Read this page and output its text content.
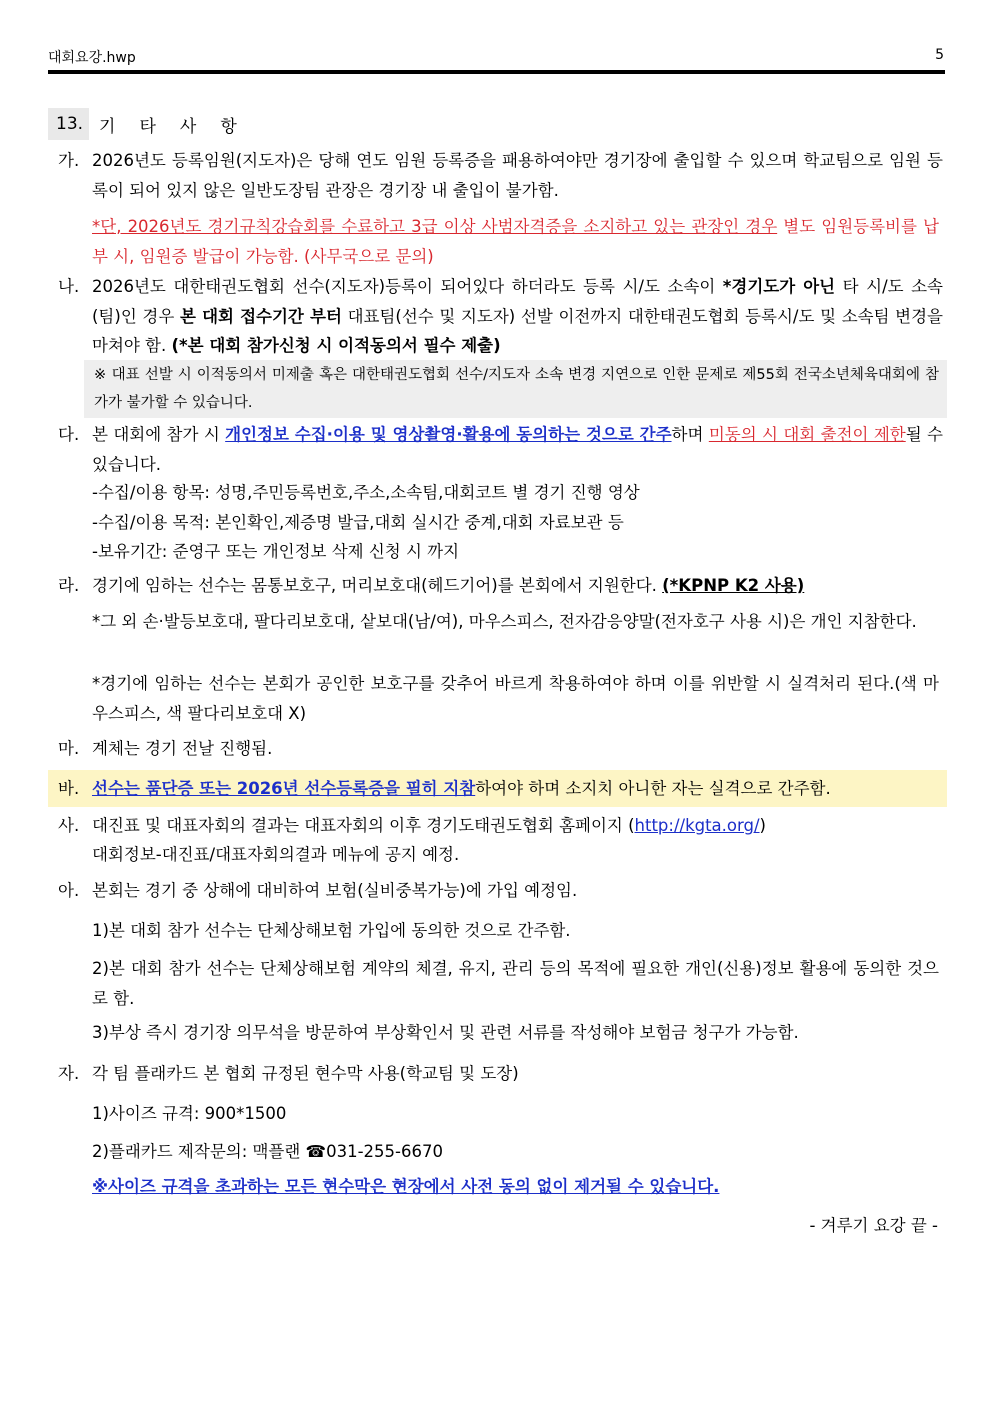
대회요강.hwp	5
13. 기타사항
가. 2026년도 등록임원(지도자)은 당해 연도 임원 등록증을 패용하여야만 경기장에 출입할 수 있으며 학교팀으로 임원 등록이 되어 있지 않은 일반도장팀 관장은 경기장 내 출입이 불가함.
*단, 2026년도 경기규칙강습회를 수료하고 3급 이상 사범자격증을 소지하고 있는 관장인 경우 별도 임원등록비를 납부 시, 임원증 발급이 가능함. (사무국으로 문의)
나. 2026년도 대한태권도협회 선수(지도자)등록이 되어있다 하더라도 등록 시/도 소속이 *경기도가 아닌 타 시/도 소속(팀)인 경우 본 대회 접수기간 부터 대표팀(선수 및 지도자) 선발 이전까지 대한태권도협회 등록시/도 및 소속팀 변경을 마쳐야 함. (*본 대회 참가신청 시 이적동의서 필수 제출)
※ 대표 선발 시 이적동의서 미제출 혹은 대한태권도협회 선수/지도자 소속 변경 지연으로 인한 문제로 제55회 전국소년체육대회에 참가가 불가할 수 있습니다.
다. 본 대회에 참가 시 개인정보 수집·이용 및 영상촬영·활용에 동의하는 것으로 간주하며 미동의 시 대회 출전이 제한될 수 있습니다.
-수집/이용 항목: 성명,주민등록번호,주소,소속팀,대회코트 별 경기 진행 영상
-수집/이용 목적: 본인확인,제증명 발급,대회 실시간 중계,대회 자료보관 등
-보유기간: 준영구 또는 개인정보 삭제 신청 시 까지
라. 경기에 임하는 선수는 몸통보호구, 머리보호대(헤드기어)를 본회에서 지원한다. (*KPNP K2 사용)
*그 외 손·발등보호대, 팔다리보호대, 샅보대(남/여), 마우스피스, 전자감응양말(전자호구 사용 시)은 개인 지참한다.
*경기에 임하는 선수는 본회가 공인한 보호구를 갖추어 바르게 착용하여야 하며 이를 위반할 시 실격처리 된다.(색 마우스피스, 색 팔다리보호대 X)
마. 계체는 경기 전날 진행됨.
바. 선수는 품단증 또는 2026년 선수등록증을 필히 지참하여야 하며 소지치 아니한 자는 실격으로 간주함.
사. 대진표 및 대표자회의 결과는 대표자회의 이후 경기도태권도협회 홈페이지 (http://kgta.org/)
대회정보-대진표/대표자회의결과 메뉴에 공지 예정.
아. 본회는 경기 중 상해에 대비하여 보험(실비중복가능)에 가입 예정임.
1)본 대회 참가 선수는 단체상해보험 가입에 동의한 것으로 간주함.
2)본 대회 참가 선수는 단체상해보험 계약의 체결, 유지, 관리 등의 목적에 필요한 개인(신용)정보 활용에 동의한 것으로 함.
3)부상 즉시 경기장 의무석을 방문하여 부상확인서 및 관련 서류를 작성해야 보험금 청구가 가능함.
자. 각 팀 플래카드 본 협회 규정된 현수막 사용(학교팀 및 도장)
1)사이즈 규격: 900*1500
2)플래카드 제작문의: 맥플랜 ☎031-255-6670
※사이즈 규격을 초과하는 모든 현수막은 현장에서 사전 동의 없이 제거될 수 있습니다.
- 겨루기 요강 끝 -
